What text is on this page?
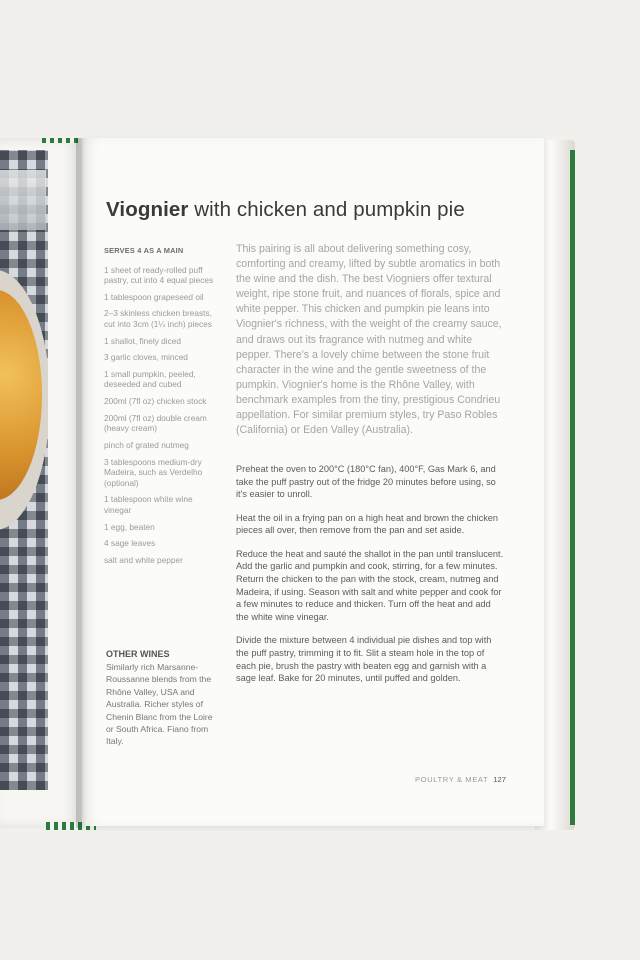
Viognier with chicken and pumpkin pie
SERVES 4 AS A MAIN
1 sheet of ready-rolled puff pastry, cut into 4 equal pieces
1 tablespoon grapeseed oil
2–3 skinless chicken breasts, cut into 3cm (1¼ inch) pieces
1 shallot, finely diced
3 garlic cloves, minced
1 small pumpkin, peeled, deseeded and cubed
200ml (7fl oz) chicken stock
200ml (7fl oz) double cream (heavy cream)
pinch of grated nutmeg
3 tablespoons medium-dry Madeira, such as Verdelho (optional)
1 tablespoon white wine vinegar
1 egg, beaten
4 sage leaves
salt and white pepper
OTHER WINES
Similarly rich Marsanne-Roussanne blends from the Rhône Valley, USA and Australia. Richer styles of Chenin Blanc from the Loire or South Africa. Fiano from Italy.
This pairing is all about delivering something cosy, comforting and creamy, lifted by subtle aromatics in both the wine and the dish. The best Viogniers offer textural weight, ripe stone fruit, and nuances of florals, spice and white pepper. This chicken and pumpkin pie leans into Viognier's richness, with the weight of the creamy sauce, and draws out its fragrance with nutmeg and white pepper. There's a lovely chime between the stone fruit character in the wine and the gentle sweetness of the pumpkin. Viognier's home is the Rhône Valley, with benchmark examples from the tiny, prestigious Condrieu appellation. For similar premium styles, try Paso Robles (California) or Eden Valley (Australia).

Preheat the oven to 200°C (180°C fan), 400°F, Gas Mark 6, and take the puff pastry out of the fridge 20 minutes before using, so it's easier to unroll.

Heat the oil in a frying pan on a high heat and brown the chicken pieces all over, then remove from the pan and set aside.

Reduce the heat and sauté the shallot in the pan until translucent. Add the garlic and pumpkin and cook, stirring, for a few minutes. Return the chicken to the pan with the stock, cream, nutmeg and Madeira, if using. Season with salt and white pepper and cook for a few minutes to reduce and thicken. Turn off the heat and add the white wine vinegar.

Divide the mixture between 4 individual pie dishes and top with the puff pastry, trimming it to fit. Slit a steam hole in the top of each pie, brush the pastry with beaten egg and garnish with a sage leaf. Bake for 20 minutes, until puffed and golden.

POULTRY & MEAT 127
